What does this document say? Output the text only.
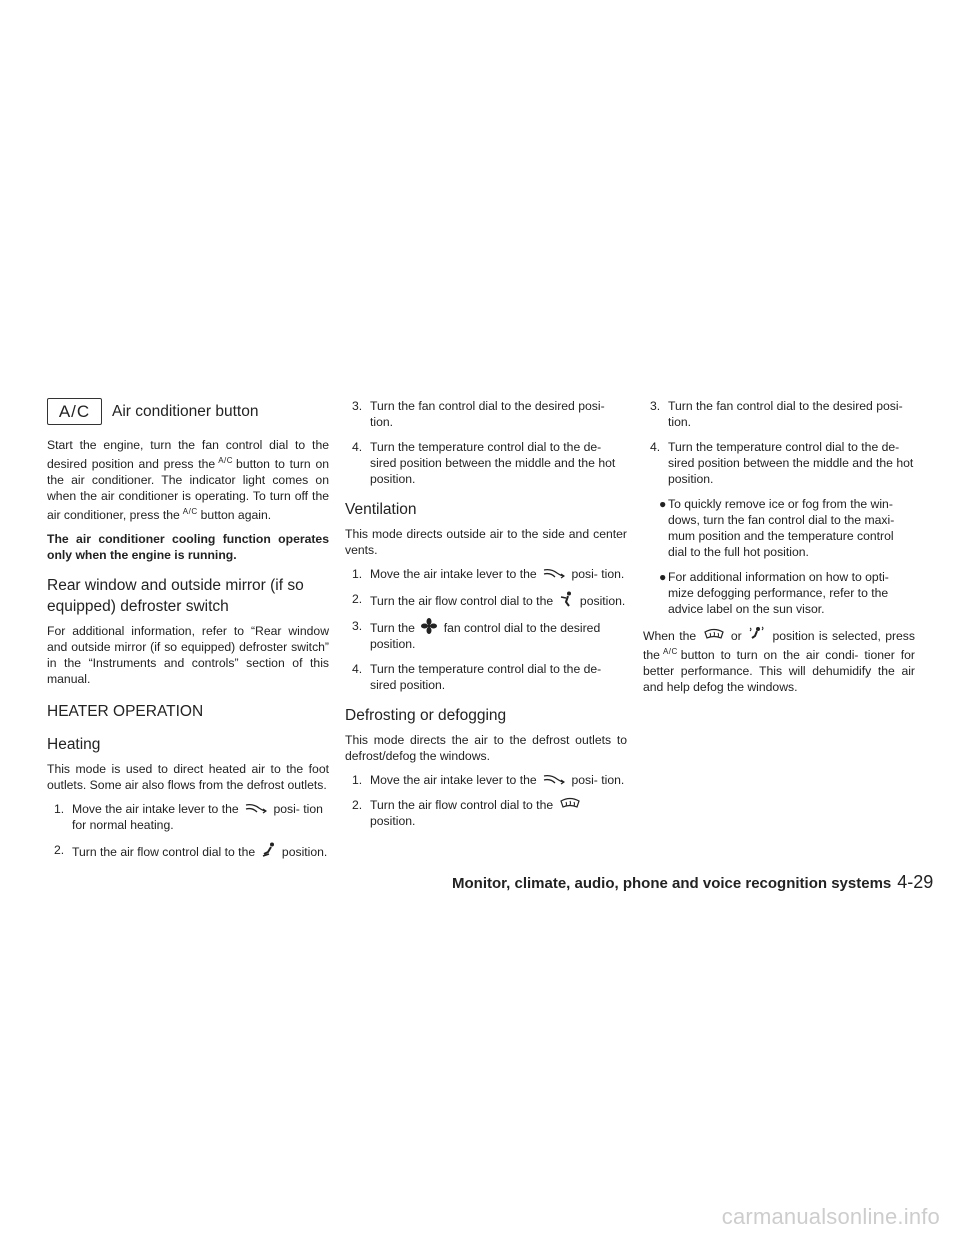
A/C	Air conditioner button

Start the engine, turn the fan control dial to the desired position and press the $^{A/C}$ button to turn on the air conditioner. The indicator light comes on when the air conditioner is operating. To turn off the air conditioner, press the $^{A/C}$ button again.

The air conditioner cooling function operates only when the engine is running.

Rear window and outside mirror (if so equipped) defroster switch

For additional information, refer to “Rear window and outside mirror (if so equipped) defroster switch” in the “Instruments and controls” section of this manual.

HEATER OPERATION
Heating

This mode is used to direct heated air to the foot outlets. Some air also flows from the defrost outlets.

1. Move the air intake lever to the	posi- tion for normal heating.
2. Turn the air flow control dial to the position.
3. Turn the fan control dial to the desired posi- tion.
4. Turn the temperature control dial to the de- sired position between the middle and the hot position.
Ventilation

This mode directs outside air to the side and center vents.

1. Move the air intake lever to the	posi- tion.
2. Turn the air flow control dial to the position.
3. Turn the fan control dial to the desired position.
4. Turn the temperature control dial to the de- sired position.
Defrosting or defogging

This mode directs the air to the defrost outlets to defrost/defog the windows.

1. Move the air intake lever to the	posi- tion.
2. Turn the air flow control dial to the  position.
3. Turn the fan control dial to the desired posi- tion.
4. Turn the temperature control dial to the de- sired position between the middle and the hot position.
● To quickly remove ice or fog from the win- dows, turn the fan control dial to the maxi- mum position and the temperature control dial to the full hot position.
● For additional information on how to opti- mize defogging performance, refer to the advice label on the sun visor.

When the	or	position is selected, press the $^{A/C}$ button to turn on the air condi- tioner for better performance. This will dehumidify the air and help defog the windows.

Monitor, climate, audio, phone and voice recognition systems 4-29
carmanualsonline.info
